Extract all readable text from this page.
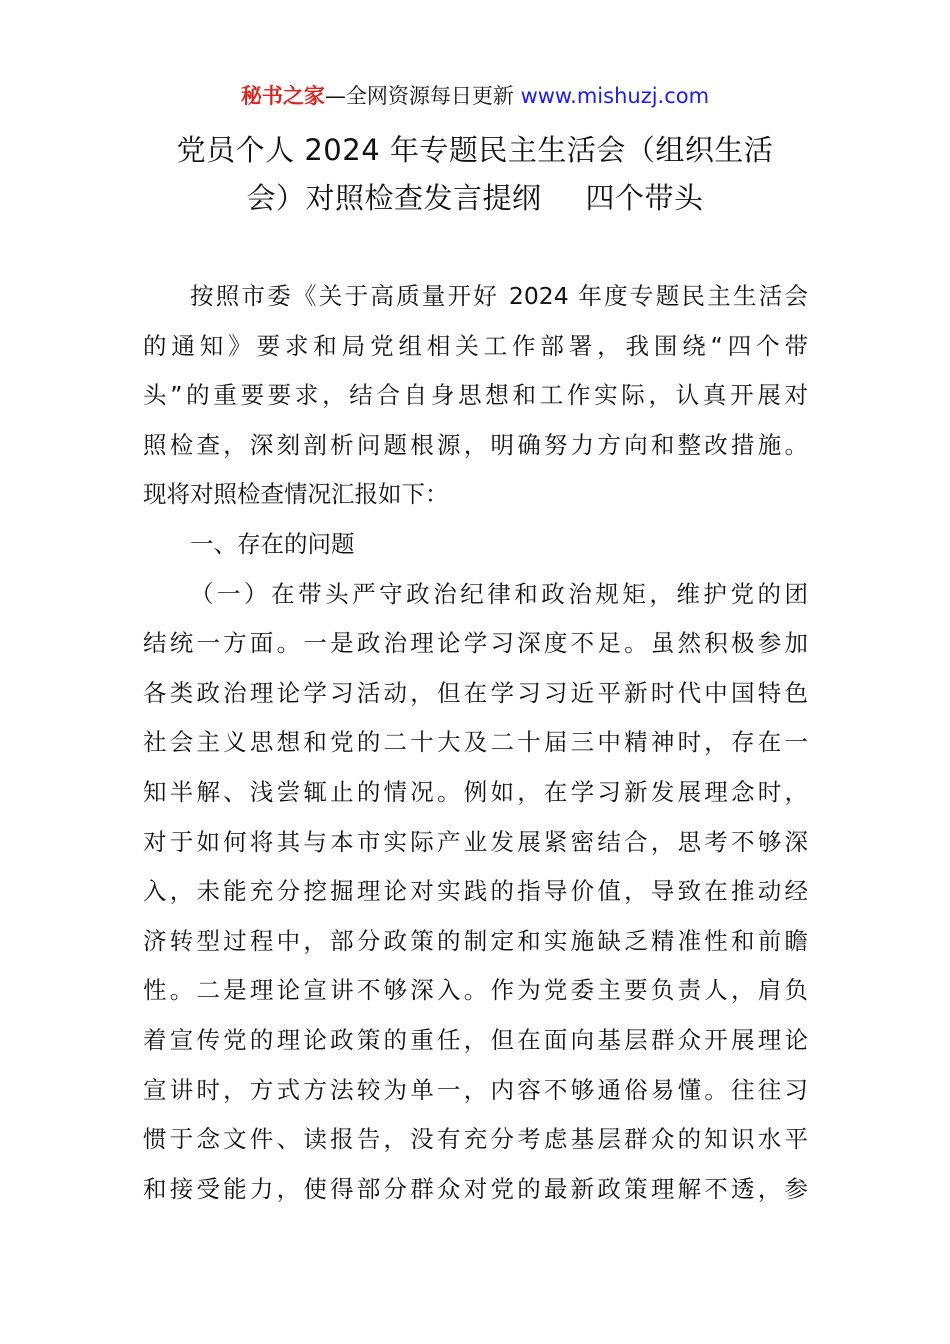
秘书之家—全网资源每日更新 www.mishuzj.com
党员个人 2024 年专题民主生活会（组织生活
会）对照检查发言提纲 四个带头
按照市委《关于高质量开好 2024 年度专题民主生活会
的通知》要求和局党组相关工作部署，我围绕“四个带
头”的重要要求，结合自身思想和工作实际，认真开展对
照检查，深刻剖析问题根源，明确努力方向和整改措施。
现将对照检查情况汇报如下：
一、存在的问题
（一）在带头严守政治纪律和政治规矩，维护党的团
结统一方面。一是政治理论学习深度不足。虽然积极参加
各类政治理论学习活动，但在学习习近平新时代中国特色
社会主义思想和党的二十大及二十届三中精神时，存在一
知半解、浅尝辄止的情况。例如，在学习新发展理念时，
对于如何将其与本市实际产业发展紧密结合，思考不够深
入，未能充分挖掘理论对实践的指导价值，导致在推动经
济转型过程中，部分政策的制定和实施缺乏精准性和前瞻
性。二是理论宣讲不够深入。作为党委主要负责人，肩负
着宣传党的理论政策的重任，但在面向基层群众开展理论
宣讲时，方式方法较为单一，内容不够通俗易懂。往往习
惯于念文件、读报告，没有充分考虑基层群众的知识水平
和接受能力，使得部分群众对党的最新政策理解不透，参
